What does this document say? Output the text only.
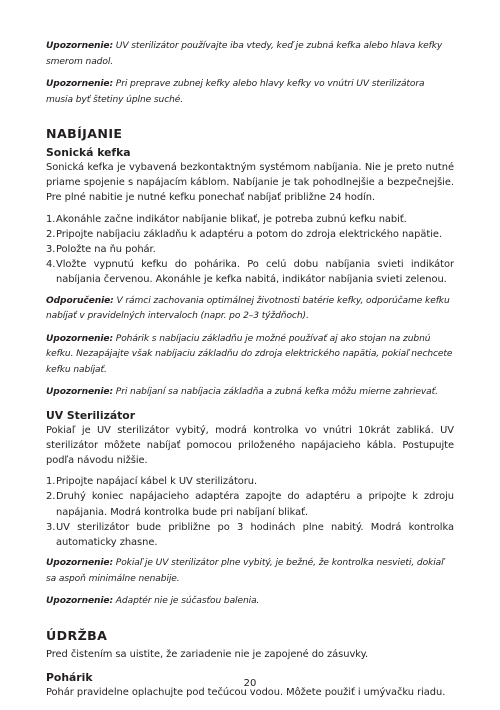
Upozornenie: UV sterilizátor používajte iba vtedy, keď je zubná kefka alebo hlava kefky smerom nadol.

Upozornenie: Pri preprave zubnej kefky alebo hlavy kefky vo vnútri UV sterilizátora musia byť štetiny úplne suché.

NABÍJANIE
Sonická kefka

Sonická kefka je vybavená bezkontaktným systémom nabíjania. Nie je preto nutné priame spojenie s napájacím káblom. Nabíjanie je tak pohodlnejšie a bezpečnejšie. Pre plné nabitie je nutné kefku ponechať nabíjať približne 24 hodín.

1. Akonáhle začne indikátor nabíjanie blikať, je potreba zubnú kefku nabiť.
2. Pripojte nabíjaciu základňu k adaptéru a potom do zdroja elektrického napätie.
3. Položte na ňu pohár.
4. Vložte vypnutú kefku do pohárika. Po celú dobu nabíjania svieti indikátor nabíjania červenou. Akonáhle je kefka nabitá, indikátor nabíjania svieti zelenou.

Odporučenie: V rámci zachovania optimálnej životnosti batérie kefky, odporúčame kefku nabíjať v pravidelných intervaloch (napr. po 2–3 týždňoch).

Upozornenie: Pohárik s nabíjaciu základňu je možné používať aj ako stojan na zubnú kefku. Nezapájajte však nabíjaciu základňu do zdroja elektrického napätia, pokiaľ nechcete kefku nabíjať.

Upozornenie: Pri nabíjaní sa nabíjacia základňa a zubná kefka môžu mierne zahrievať.

UV Sterilizátor

Pokiaľ je UV sterilizátor vybitý, modrá kontrolka vo vnútri 10krát zabliká. UV sterilizátor môžete nabíjať pomocou priloženého napájacieho kábla. Postupujte podľa návodu nižšie.

1. Pripojte napájací kábel k UV sterilizátoru.
2. Druhý koniec napájacieho adaptéra zapojte do adaptéru a pripojte k zdroju napájania. Modrá kontrolka bude pri nabíjaní blikať.
3. UV sterilizátor bude približne po 3 hodinách plne nabitý. Modrá kontrolka automaticky zhasne.

Upozornenie: Pokiaľ je UV sterilizátor plne vybitý, je bežné, že kontrolka nesvieti, dokiaľ sa aspoň minimálne nenabije.

Upozornenie: Adaptér nie je súčasťou balenia.

ÚDRŽBA

Pred čistením sa uistite, že zariadenie nie je zapojené do zásuvky.

Pohárik

Pohár pravidelne oplachujte pod tečúcou vodou. Môžete použiť i umývačku riadu.

20
